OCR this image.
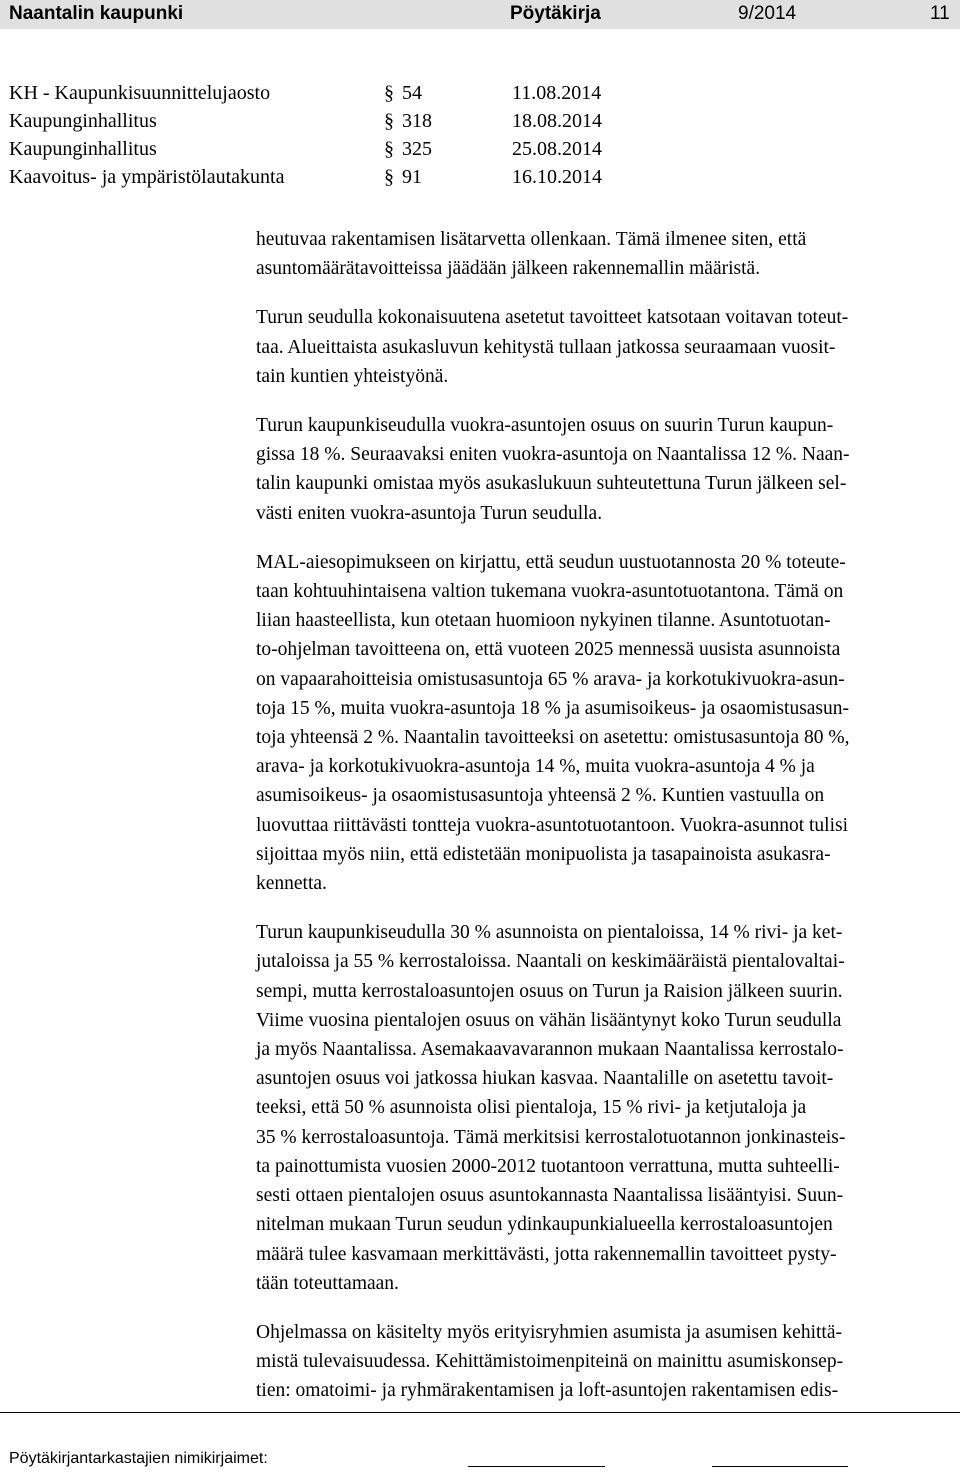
Naantalin kaupunki	Pöytäkirja	9/2014	11
KH - Kaupunkisuunnittelujaosto	§ 54	11.08.2014
Kaupunginhallitus	§ 318	18.08.2014
Kaupunginhallitus	§ 325	25.08.2014
Kaavoitus- ja ympäristölautakunta	§ 91	16.10.2014

heutuvaa rakentamisen lisätarvetta ollenkaan. Tämä ilmenee siten, että
asuntomäärätavoitteissa jäädään jälkeen rakennemallin määristä.

Turun seudulla kokonaisuutena asetetut tavoitteet katsotaan voitavan toteut-
taa. Alueittaista asukasluvun kehitystä tullaan jatkossa seuraamaan vuosit-
tain kuntien yhteistyönä.

Turun kaupunkiseudulla vuokra-asuntojen osuus on suurin Turun kaupun-
gissa 18 %. Seuraavaksi eniten vuokra-asuntoja on Naantalissa 12 %. Naan-
talin kaupunki omistaa myös asukaslukuun suhteutettuna Turun jälkeen sel-
västi eniten vuokra-asuntoja Turun seudulla.

MAL-aiesopimukseen on kirjattu, että seudun uustuotannosta 20 % toteute-
taan kohtuuhintaisena valtion tukemana vuokra-asuntotuotantona. Tämä on
liian haasteellista, kun otetaan huomioon nykyinen tilanne. Asuntotuotan-
to-ohjelman tavoitteena on, että vuoteen 2025 mennessä uusista asunnoista
on vapaarahoitteisia omistusasuntoja 65 % arava- ja korkotukivuokra-asun-
toja 15 %, muita vuokra-asuntoja 18 % ja asumisoikeus- ja osaomistusasun-
toja yhteensä 2 %. Naantalin tavoitteeksi on asetettu: omistusasuntoja 80 %,
arava- ja korkotukivuokra-asuntoja 14 %, muita vuokra-asuntoja 4 % ja
asumisoikeus- ja osaomistusasuntoja yhteensä 2 %. Kuntien vastuulla on
luovuttaa riittävästi tontteja vuokra-asuntotuotantoon. Vuokra-asunnot tulisi
sijoittaa myös niin, että edistetään monipuolista ja tasapainoista asukasra-
kennetta.

Turun kaupunkiseudulla 30 % asunnoista on pientaloissa, 14 % rivi- ja ket-
jutaloissa ja 55 % kerrostaloissa. Naantali on keskimääräistä pientalovaltai-
sempi, mutta kerrostaloasuntojen osuus on Turun ja Raision jälkeen suurin.
Viime vuosina pientalojen osuus on vähän lisääntynyt koko Turun seudulla
ja myös Naantalissa. Asemakaavavarannon mukaan Naantalissa kerrostalo-
asuntojen osuus voi jatkossa hiukan kasvaa. Naantalille on asetettu tavoit-
teeksi, että 50 % asunnoista olisi pientaloja, 15 % rivi- ja ketjutaloja ja
35 % kerrostaloasuntoja. Tämä merkitsisi kerrostalotuotannon jonkinasteis-
ta painottumista vuosien 2000-2012 tuotantoon verrattuna, mutta suhteelli-
sesti ottaen pientalojen osuus asuntokannasta Naantalissa lisääntyisi. Suun-
nitelman mukaan Turun seudun ydinkaupunkialueella kerrostaloasuntojen
määrä tulee kasvamaan merkittävästi, jotta rakennemallin tavoitteet pysty-
tään toteuttamaan.

Ohjelmassa on käsitelty myös erityisryhmien asumista ja asumisen kehittä-
mistä tulevaisuudessa. Kehittämistoimenpiteinä on mainittu asumiskonsep-
tien: omatoimi- ja ryhmärakentamisen ja loft-asuntojen rakentamisen edis-

Pöytäkirjantarkastajien nimikirjaimet:
